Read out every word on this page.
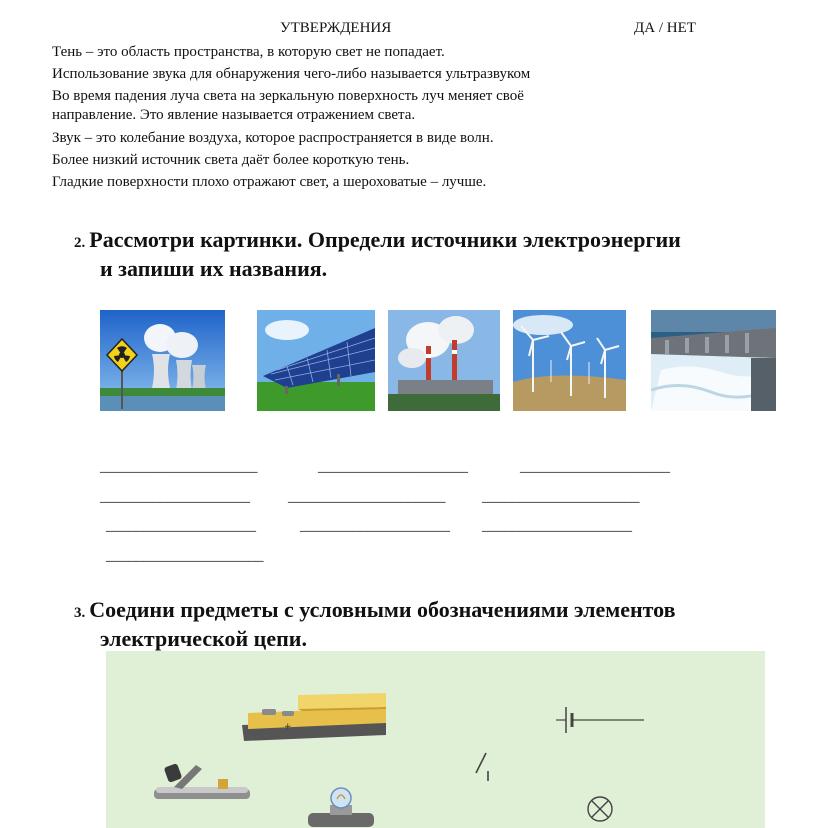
УТВЕРЖДЕНИЯ	ДА / НЕТ
Тень – это область пространства, в которую свет не попадает.
Использование звука для обнаружения чего-либо называется ультразвуком
Во время падения луча света на зеркальную поверхность луч меняет своё
направление. Это явление называется отражением света.
Звук – это колебание воздуха, которое распространяется в виде волн.
Более низкий источник света даёт более короткую тень.
Гладкие поверхности плохо отражают свет, а шероховатые – лучше.
2. Рассмотри картинки. Определи источники электроэнергии
и запиши их названия.
_____________________	____________________	____________________
____________________	_____________________ _____________________
____________________	____________________ ____________________
_____________________
3. Соедини предметы с условными обозначениями элементов
электрической цепи.
+
